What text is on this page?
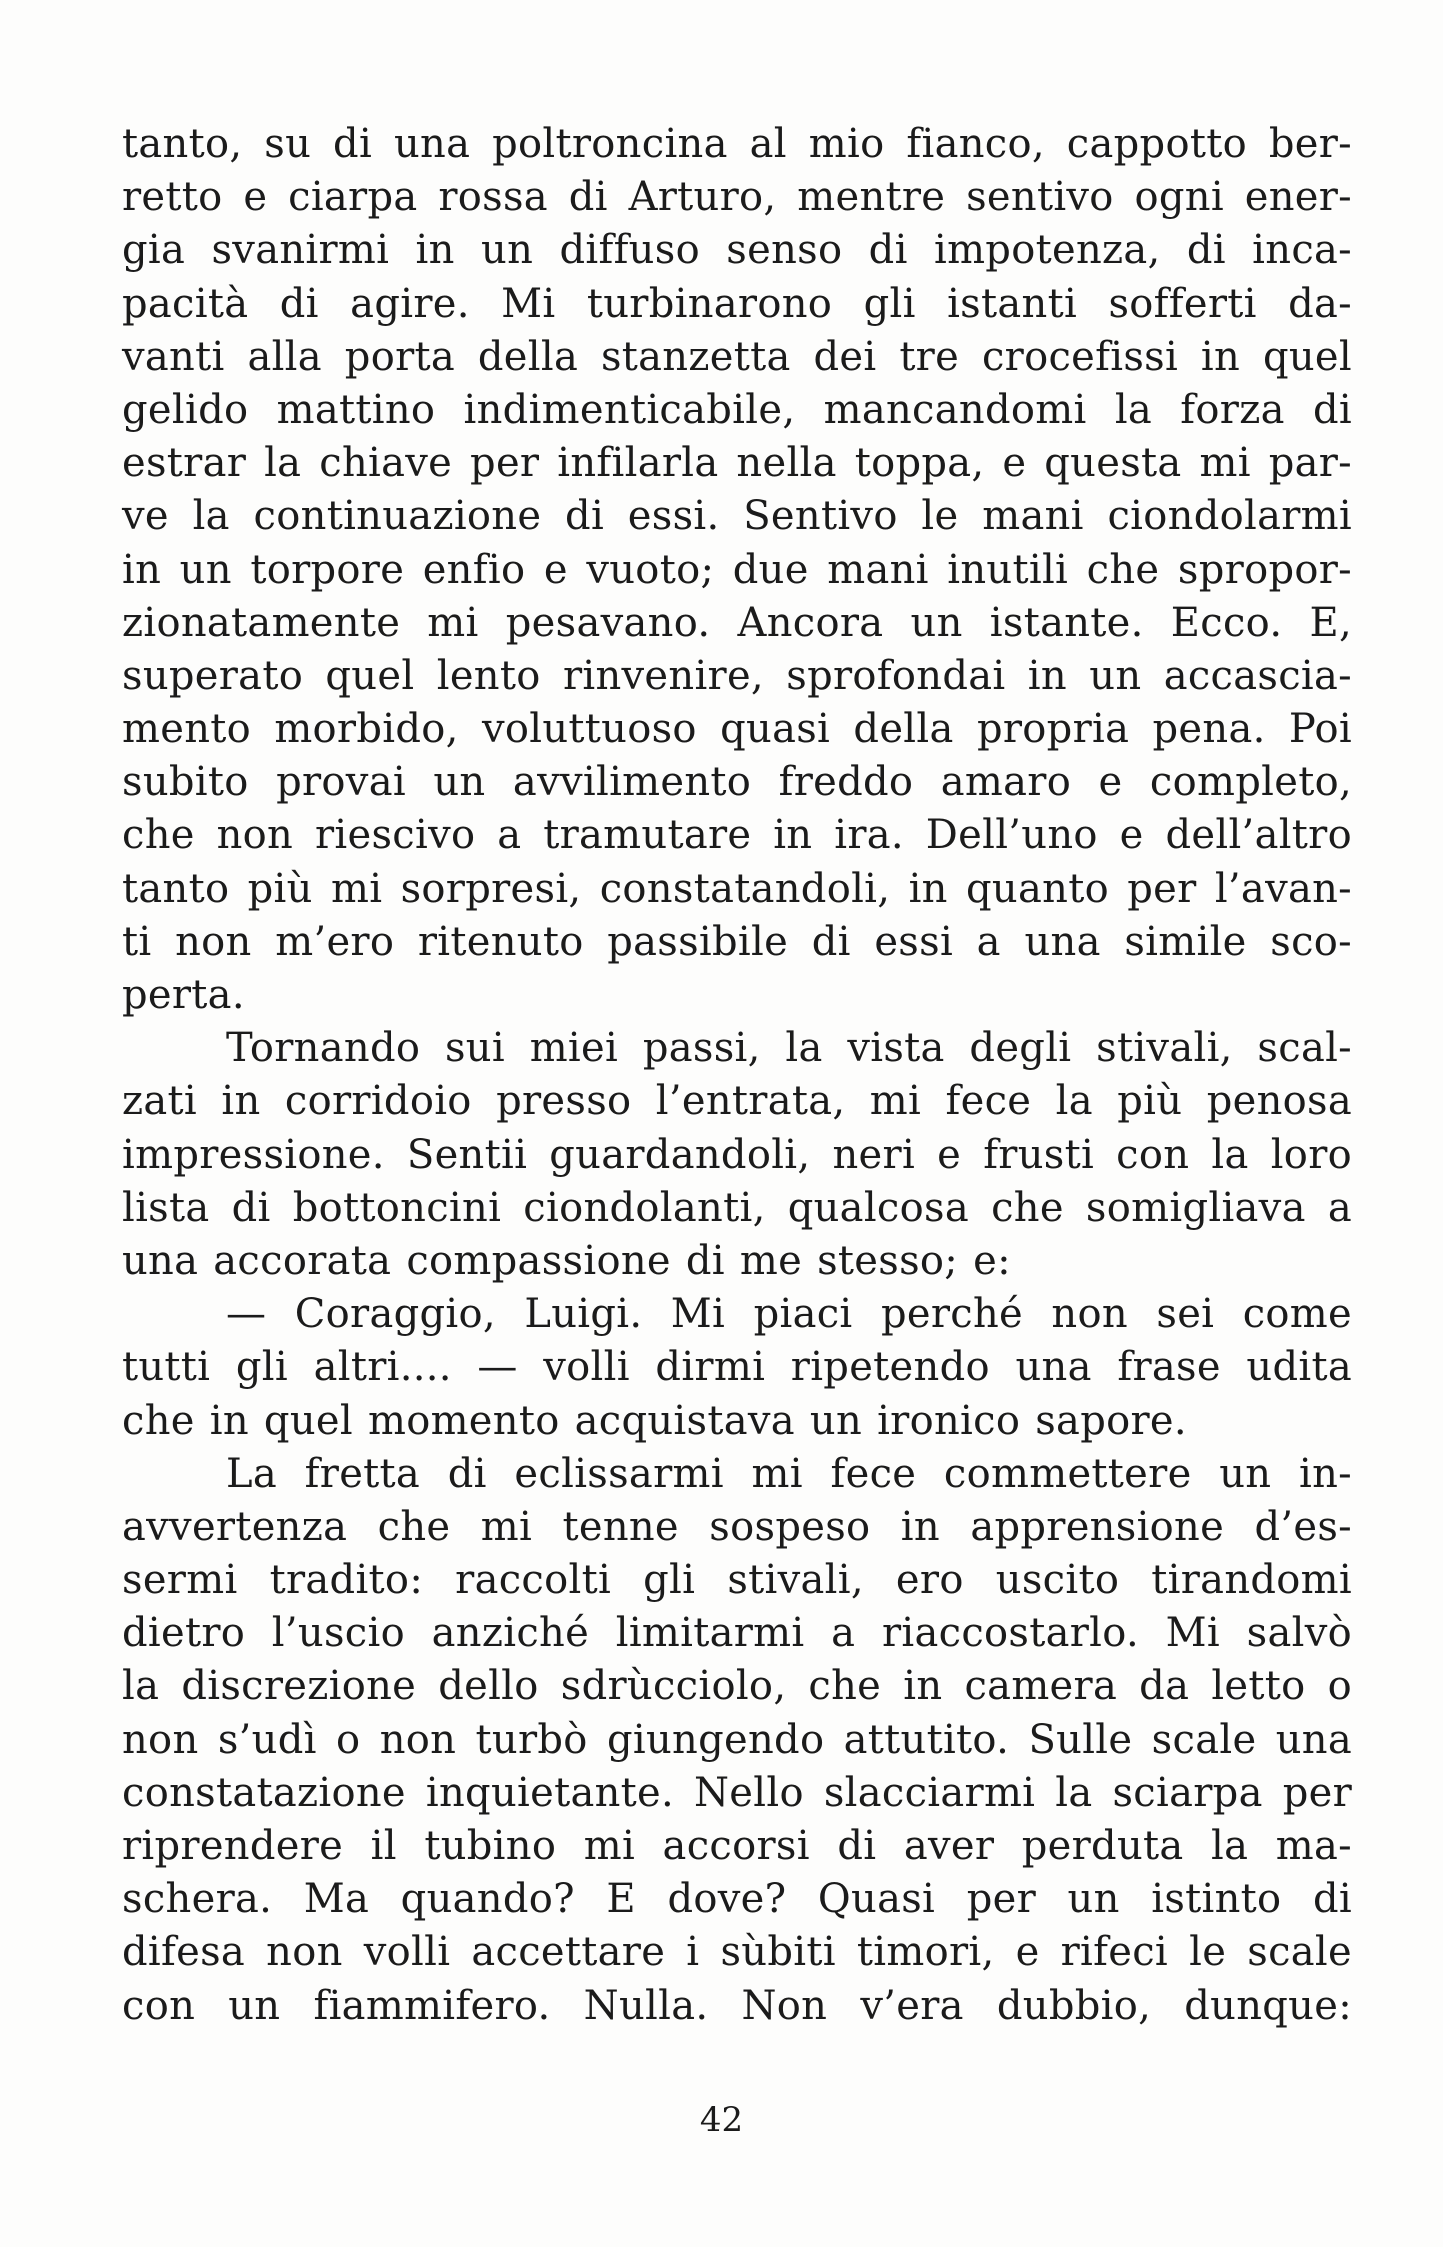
tanto, su di una poltroncina al mio fianco, cappotto ber-
retto e ciarpa rossa di Arturo, mentre sentivo ogni ener-
gia svanirmi in un diffuso senso di impotenza, di inca-
pacità di agire. Mi turbinarono gli istanti sofferti da-
vanti alla porta della stanzetta dei tre crocefissi in quel
gelido mattino indimenticabile, mancandomi la forza di
estrar la chiave per infilarla nella toppa, e questa mi par-
ve la continuazione di essi. Sentivo le mani ciondolarmi
in un torpore enfio e vuoto; due mani inutili che spropor-
zionatamente mi pesavano. Ancora un istante. Ecco. E,
superato quel lento rinvenire, sprofondai in un accascia-
mento morbido, voluttuoso quasi della propria pena. Poi
subito provai un avvilimento freddo amaro e completo,
che non riescivo a tramutare in ira. Dell’uno e dell’altro
tanto più mi sorpresi, constatandoli, in quanto per l’avan-
ti non m’ero ritenuto passibile di essi a una simile sco-
perta.
Tornando sui miei passi, la vista degli stivali, scal-
zati in corridoio presso l’entrata, mi fece la più penosa
impressione. Sentii guardandoli, neri e frusti con la loro
lista di bottoncini ciondolanti, qualcosa che somigliava a
una accorata compassione di me stesso; e:
— Coraggio, Luigi. Mi piaci perché non sei come
tutti gli altri.... — volli dirmi ripetendo una frase udita
che in quel momento acquistava un ironico sapore.
La fretta di eclissarmi mi fece commettere un in-
avvertenza che mi tenne sospeso in apprensione d’es-
sermi tradito: raccolti gli stivali, ero uscito tirandomi
dietro l’uscio anziché limitarmi a riaccostarlo. Mi salvò
la discrezione dello sdrùcciolo, che in camera da letto o
non s’udì o non turbò giungendo attutito. Sulle scale una
constatazione inquietante. Nello slacciarmi la sciarpa per
riprendere il tubino mi accorsi di aver perduta la ma-
schera. Ma quando? E dove? Quasi per un istinto di
difesa non volli accettare i sùbiti timori, e rifeci le scale
con un fiammifero. Nulla. Non v’era dubbio, dunque:
42
